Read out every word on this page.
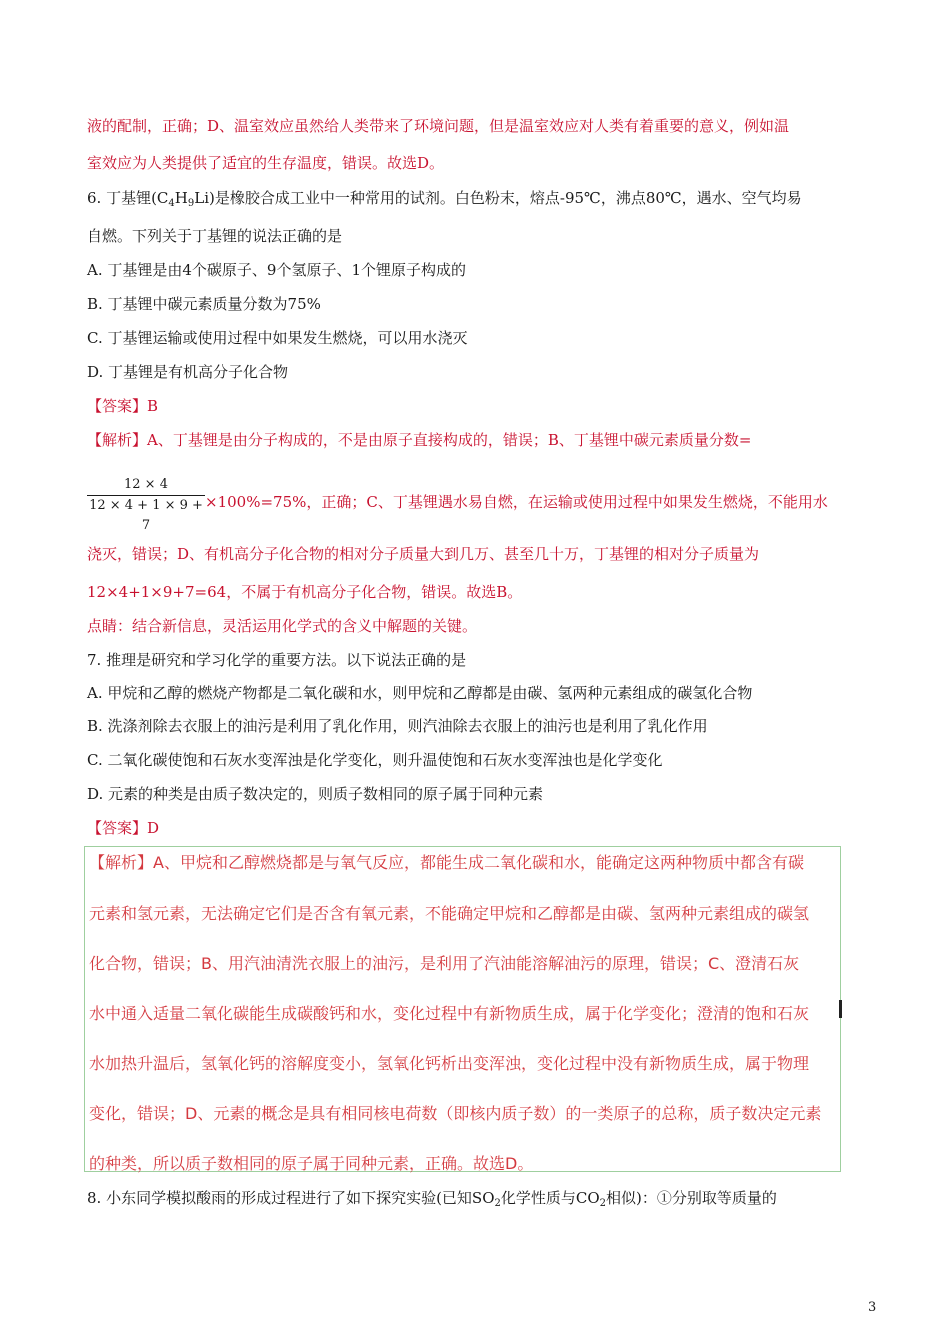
液的配制，正确；D、温室效应虽然给人类带来了环境问题，但是温室效应对人类有着重要的意义，例如温
室效应为人类提供了适宜的生存温度，错误。故选D。
6. 丁基锂$(C_4H_9Li)$是橡胶合成工业中一种常用的试剂。白色粉末，熔点-95℃，沸点80℃，遇水、空气均易
自燃。下列关于丁基锂的说法正确的是
A. 丁基锂是由4个碳原子、9个氢原子、1个锂原子构成的
B. 丁基锂中碳元素质量分数为75%
C. 丁基锂运输或使用过程中如果发生燃烧，可以用水浇灭
D. 丁基锂是有机高分子化合物
【答案】B
【解析】A、丁基锂是由分子构成的，不是由原子直接构成的，错误；B、丁基锂中碳元素质量分数=
12 × 4
12 × 4 + 1 × 9 + 7
×100%=75%，正确；C、丁基锂遇水易自燃，在运输或使用过程中如果发生燃烧，不能用水
浇灭，错误；D、有机高分子化合物的相对分子质量大到几万、甚至几十万，丁基锂的相对分子质量为
12×4+1×9+7=64，不属于有机高分子化合物，错误。故选B。
点睛：结合新信息，灵活运用化学式的含义中解题的关键。
7. 推理是研究和学习化学的重要方法。以下说法正确的是
A. 甲烷和乙醇的燃烧产物都是二氧化碳和水，则甲烷和乙醇都是由碳、氢两种元素组成的碳氢化合物
B. 洗涤剂除去衣服上的油污是利用了乳化作用，则汽油除去衣服上的油污也是利用了乳化作用
C. 二氧化碳使饱和石灰水变浑浊是化学变化，则升温使饱和石灰水变浑浊也是化学变化
D. 元素的种类是由质子数决定的，则质子数相同的原子属于同种元素
【答案】D
【解析】A、甲烷和乙醇燃烧都是与氧气反应，都能生成二氧化碳和水，能确定这两种物质中都含有碳
元素和氢元素，无法确定它们是否含有氧元素，不能确定甲烷和乙醇都是由碳、氢两种元素组成的碳氢
化合物，错误；B、用汽油清洗衣服上的油污，是利用了汽油能溶解油污的原理，错误；C、澄清石灰
水中通入适量二氧化碳能生成碳酸钙和水，变化过程中有新物质生成，属于化学变化；澄清的饱和石灰
水加热升温后，氢氧化钙的溶解度变小，氢氧化钙析出变浑浊，变化过程中没有新物质生成，属于物理
变化，错误；D、元素的概念是具有相同核电荷数（即核内质子数）的一类原子的总称，质子数决定元素
的种类，所以质子数相同的原子属于同种元素，正确。故选D。
8. 小东同学模拟酸雨的形成过程进行了如下探究实验(已知$SO_2$化学性质与$CO_2$相似)：①分别取等质量的
3
